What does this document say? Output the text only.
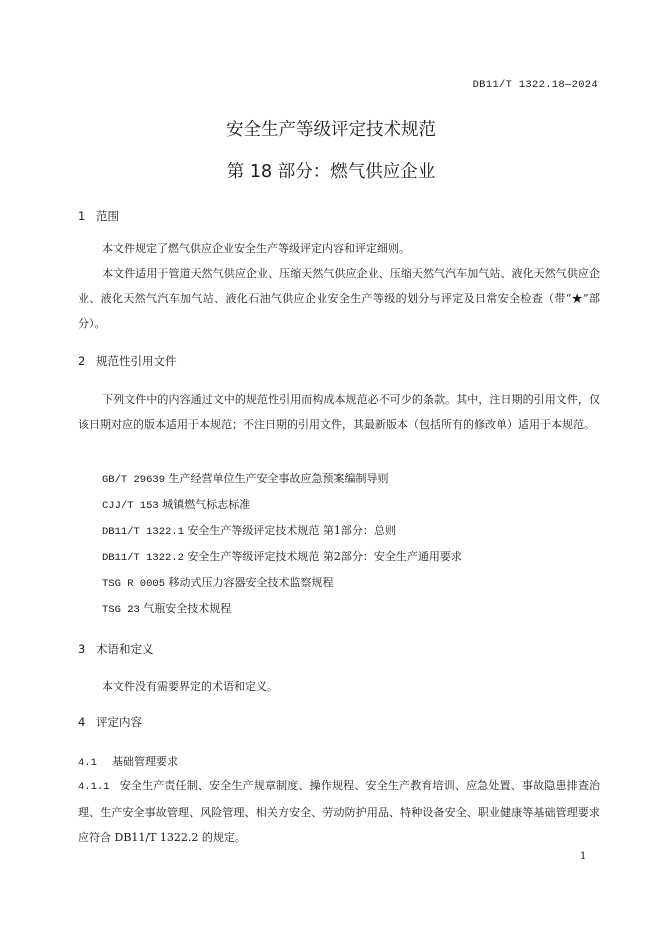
DB11/T 1322.18—2024
安全生产等级评定技术规范
第 18 部分：燃气供应企业
1 范围
本文件规定了燃气供应企业安全生产等级评定内容和评定细则。
本文件适用于管道天然气供应企业、压缩天然气供应企业、压缩天然气汽车加气站、液化天然气供应企业、液化天然气汽车加气站、液化石油气供应企业安全生产等级的划分与评定及日常安全检查（带“★”部分）。
2 规范性引用文件
下列文件中的内容通过文中的规范性引用而构成本规范必不可少的条款。其中，注日期的引用文件，仅该日期对应的版本适用于本规范；不注日期的引用文件，其最新版本（包括所有的修改单）适用于本规范。
GB/T 29639 生产经营单位生产安全事故应急预案编制导则
CJJ/T 153 城镇燃气标志标准
DB11/T 1322.1 安全生产等级评定技术规范 第1部分：总则
DB11/T 1322.2 安全生产等级评定技术规范 第2部分：安全生产通用要求
TSG R 0005 移动式压力容器安全技术监察规程
TSG 23 气瓶安全技术规程
3 术语和定义
本文件没有需要界定的术语和定义。
4 评定内容
4.1 基础管理要求
4.1.1 安全生产责任制、安全生产规章制度、操作规程、安全生产教育培训、应急处置、事故隐患排查治理、生产安全事故管理、风险管理、相关方安全、劳动防护用品、特种设备安全、职业健康等基础管理要求应符合 DB11/T 1322.2 的规定。
1
